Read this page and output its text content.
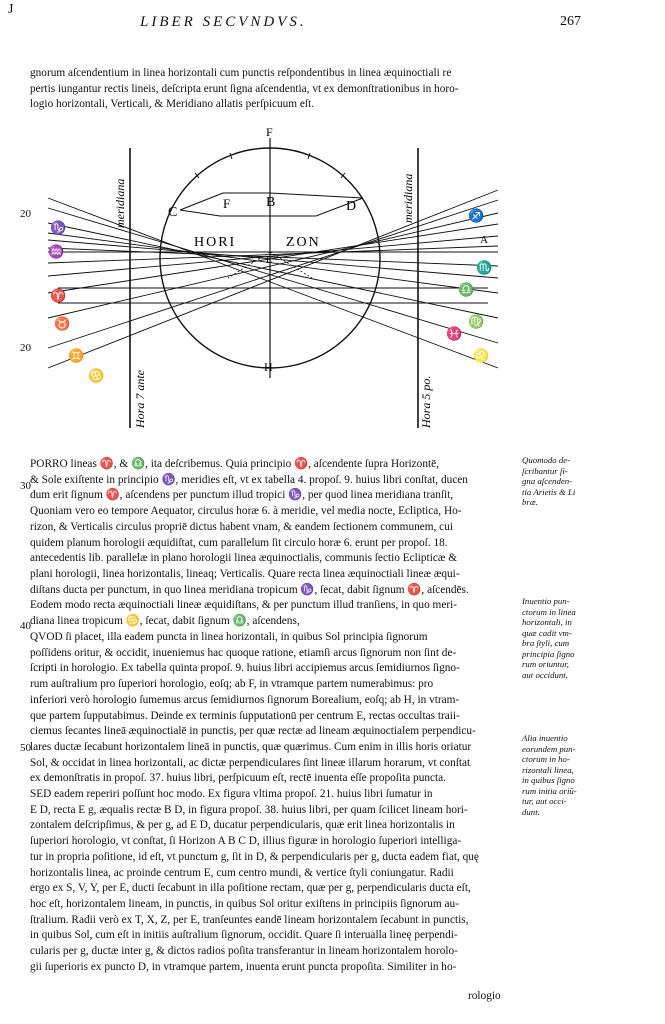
J
LIBER SECVNDVS.	267
gnorum aſcendentium in linea horizontali cum punctis reſpondentibus in linea æquinoctiali re
pertis iungantur rectis lineis, deſcripta erunt ſigna aſcendentia, vt ex demonſtrationibus in horo-
logio horizontali, Verticali, & Meridiano allatis perſpicuum eſt.
F
C
F	B	D
HORI	ZON
E
H
A
meridiana	meridiana
Hora 7 ante	Hora 5 po.
♑
♒
♈
♉
♊
♋
♐
♏
♎
♍
♌
♓
20
20
PORRO lineas ♈, & ♎, ita deſcribemus. Quia principio ♈, aſcendente ſupra Horizontē,
& Sole exiſtente in principio ♑, meridies eſt, vt ex tabella 4. propoſ. 9. huius libri conſtat, ducen
dum erit ſignum ♈, aſcendens per punctum illud tropici ♑, per quod linea meridiana tranſit,
Quoniam vero eo tempore Aequator, circulus horæ 6. à meridie, vel media nocte, Ecliptica, Ho-
rizon, & Verticalis circulus propriē dictus habent vnam, & eandem ſectionem communem, cui
quidem planum horologii æquidiſtat, cum parallelum ſit circulo horæ 6. erunt per propoſ. 18.
antecedentis lib. parallelæ in plano horologii linea æquinoctialis, communis ſectio Eclipticæ &
plani horologii, linea horizontalis, lineaq; Verticalis. Quare recta linea æquinoctiali lineæ æqui-
diſtans ducta per punctum, in quo linea meridiana tropicum ♑, ſecat, dabit ſignum ♈, aſcendēs.
Eodem modo recta æquinoctiali lineæ æquidiſtans, & per punctum illud tranſiens, in quo meri-
diana linea tropicum ♋, ſecat, dabit ſignum ♎, aſcendens,
QVOD ſi placet, illa eadem puncta in linea horizontali, in quibus Sol principia ſignorum
poſſidens oritur, & occidit, inueniemus hac quoque ratione, etiamſi arcus ſignorum non ſint de-
ſcripti in horologio. Ex tabella quinta propoſ. 9. huius libri accipiemus arcus ſemidiurnos ſigno-
rum auſtralium pro ſuperiori horologio, eoſq; ab F, in vtramque partem numerabimus: pro
inferiori verò horologio ſumemus arcus ſemidiurnos ſignorum Borealium, eoſq; ab H, in vtram-
que partem ſupputabimus. Deinde ex terminis ſupputationū per centrum E, rectas occultas traii-
ciemus ſecantes lineā æquinoctialē in punctis, per quæ rectæ ad lineam æquinoctialem perpendicu-
lares ductæ ſecabunt horizontalem lineā in punctis, quæ quærimus. Cum enim in illis horis oriatur
Sol, & occidat in linea horizontali, ac dictæ perpendiculares ſint lineæ illarum horarum, vt conſtat
ex demonſtratis in propoſ. 37. huius libri, perſpicuum eſt, rectē inuenta eſſe propoſita puncta.
SED eadem reperiri poſſunt hoc modo. Ex figura vltima propoſ. 21. huius libri ſumatur in
E D, recta E g, æqualis rectæ B D, in figura propoſ. 38. huius libri, per quam ſcilicet lineam hori-
zontalem deſcripſimus, & per g, ad E D, ducatur perpendicularis, quæ erit linea horizontalis in
ſuperiori horologio, vt conſtat, ſi Horizon A B C D, illius figuræ in horologio ſuperiori intelliga-
tur in propria poſitione, id eſt, vt punctum g, ſit in D, & perpendicularis per g, ducta eadem fiat, quę
horizontalis linea, ac proinde centrum E, cum centro mundi, & vertice ſtyli coniungatur. Radii
ergo ex S, V, Y, per E, ducti ſecabunt in illa poſitione rectam, quæ per g, perpendicularis ducta eſt,
hoc eſt, horizontalem lineam, in punctis, in quibus Sol oritur exiſtens in principiis ſignorum au-
ſtralium. Radii verò ex T, X, Z, per E, tranſeuntes eandē lineam horizontalem ſecabunt in punctis,
in quibus Sol, cum eſt in initiis auſtralium ſignorum, occidit. Quare ſi interualla lineę perpendi-
cularis per g, ductæ inter g, & dictos radios poſita transferantur in lineam horizontalem horolo-
gii ſuperioris ex puncto D, in vtramque partem, inuenta erunt puncta propoſita. Similiter in ho-
rologio
30
40
50
Quomodo de-
ſcribantur ſi-
gna aſcenden-
tia Arietis & Li
bræ.
Inuentio pun-
ctorum in linea
horizontali, in
quæ cadit vm-
bra ſtyli, cum
principia ſigno
rum oriuntur,
aut occidunt.
Alia inuentio
eorundem pun-
ctorum in ho-
rizontali linea,
in quibus ſigno
rum initia oriū-
tur, aut occi-
dunt.
